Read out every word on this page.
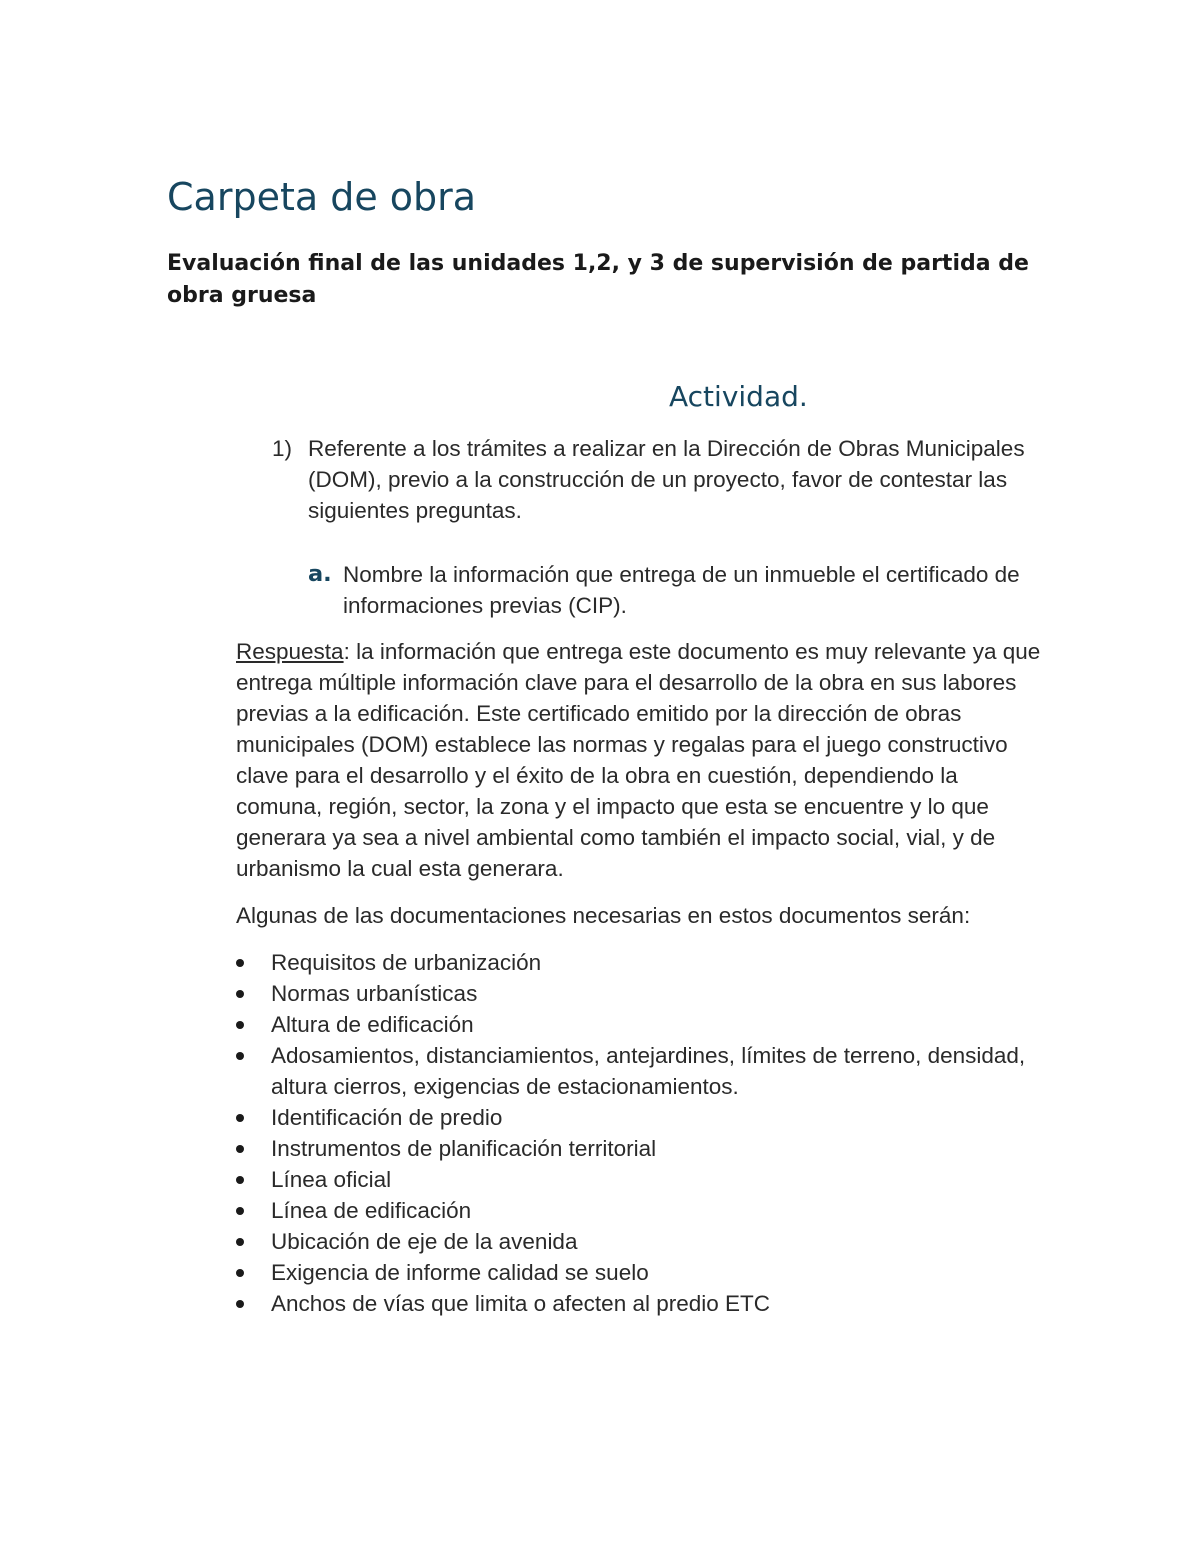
Carpeta de obra
Evaluación final de las unidades 1,2, y 3 de supervisión de partida de obra gruesa
Actividad.
1) Referente a los trámites a realizar en la Dirección de Obras Municipales (DOM), previo a la construcción de un proyecto, favor de contestar las siguientes preguntas.
a. Nombre la información que entrega de un inmueble el certificado de informaciones previas (CIP).

Respuesta: la información que entrega este documento es muy relevante ya que entrega múltiple información clave para el desarrollo de la obra en sus labores previas a la edificación. Este certificado emitido por la dirección de obras municipales (DOM) establece las normas y regalas para el juego constructivo clave para el desarrollo y el éxito de la obra en cuestión, dependiendo la comuna, región, sector, la zona y el impacto que esta se encuentre y lo que generara ya sea a nivel ambiental como también el impacto social, vial, y de urbanismo la cual esta generara.

Algunas de las documentaciones necesarias en estos documentos serán:

Requisitos de urbanización
Normas urbanísticas
Altura de edificación
Adosamientos, distanciamientos, antejardines, límites de terreno, densidad, altura cierros, exigencias de estacionamientos.
Identificación de predio
Instrumentos de planificación territorial
Línea oficial
Línea de edificación
Ubicación de eje de la avenida
Exigencia de informe calidad se suelo
Anchos de vías que limita o afecten al predio ETC
